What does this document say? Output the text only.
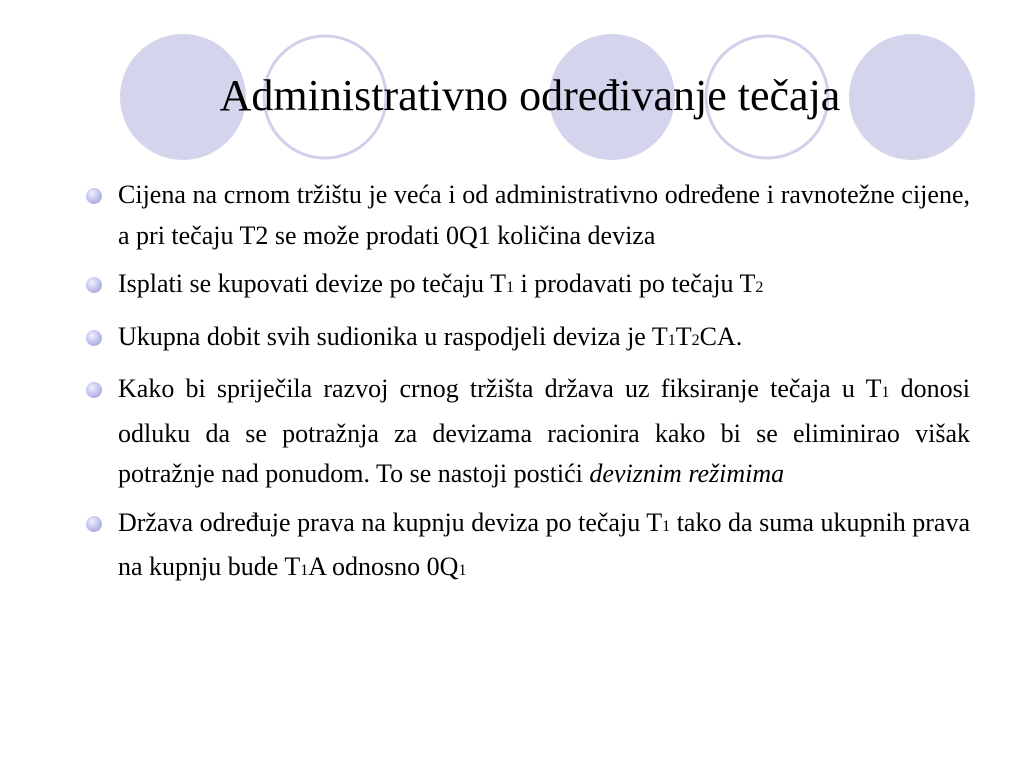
Administrativno određivanje tečaja
Cijena na crnom tržištu je veća i od administrativno određene i ravnotežne cijene, a pri tečaju T2 se može prodati 0Q1 količina deviza
Isplati se kupovati devize po tečaju T1 i prodavati po tečaju T2
Ukupna dobit svih sudionika u raspodjeli deviza je T1T2CA.
Kako bi spriječila razvoj crnog tržišta država uz fiksiranje tečaja u T1 donosi odluku da se potražnja za devizama racionira kako bi se eliminirao višak potražnje nad ponudom. To se nastoji postići deviznim režimima
Država određuje prava na kupnju deviza po tečaju T1 tako da suma ukupnih prava na kupnju bude T1A odnosno 0Q1
